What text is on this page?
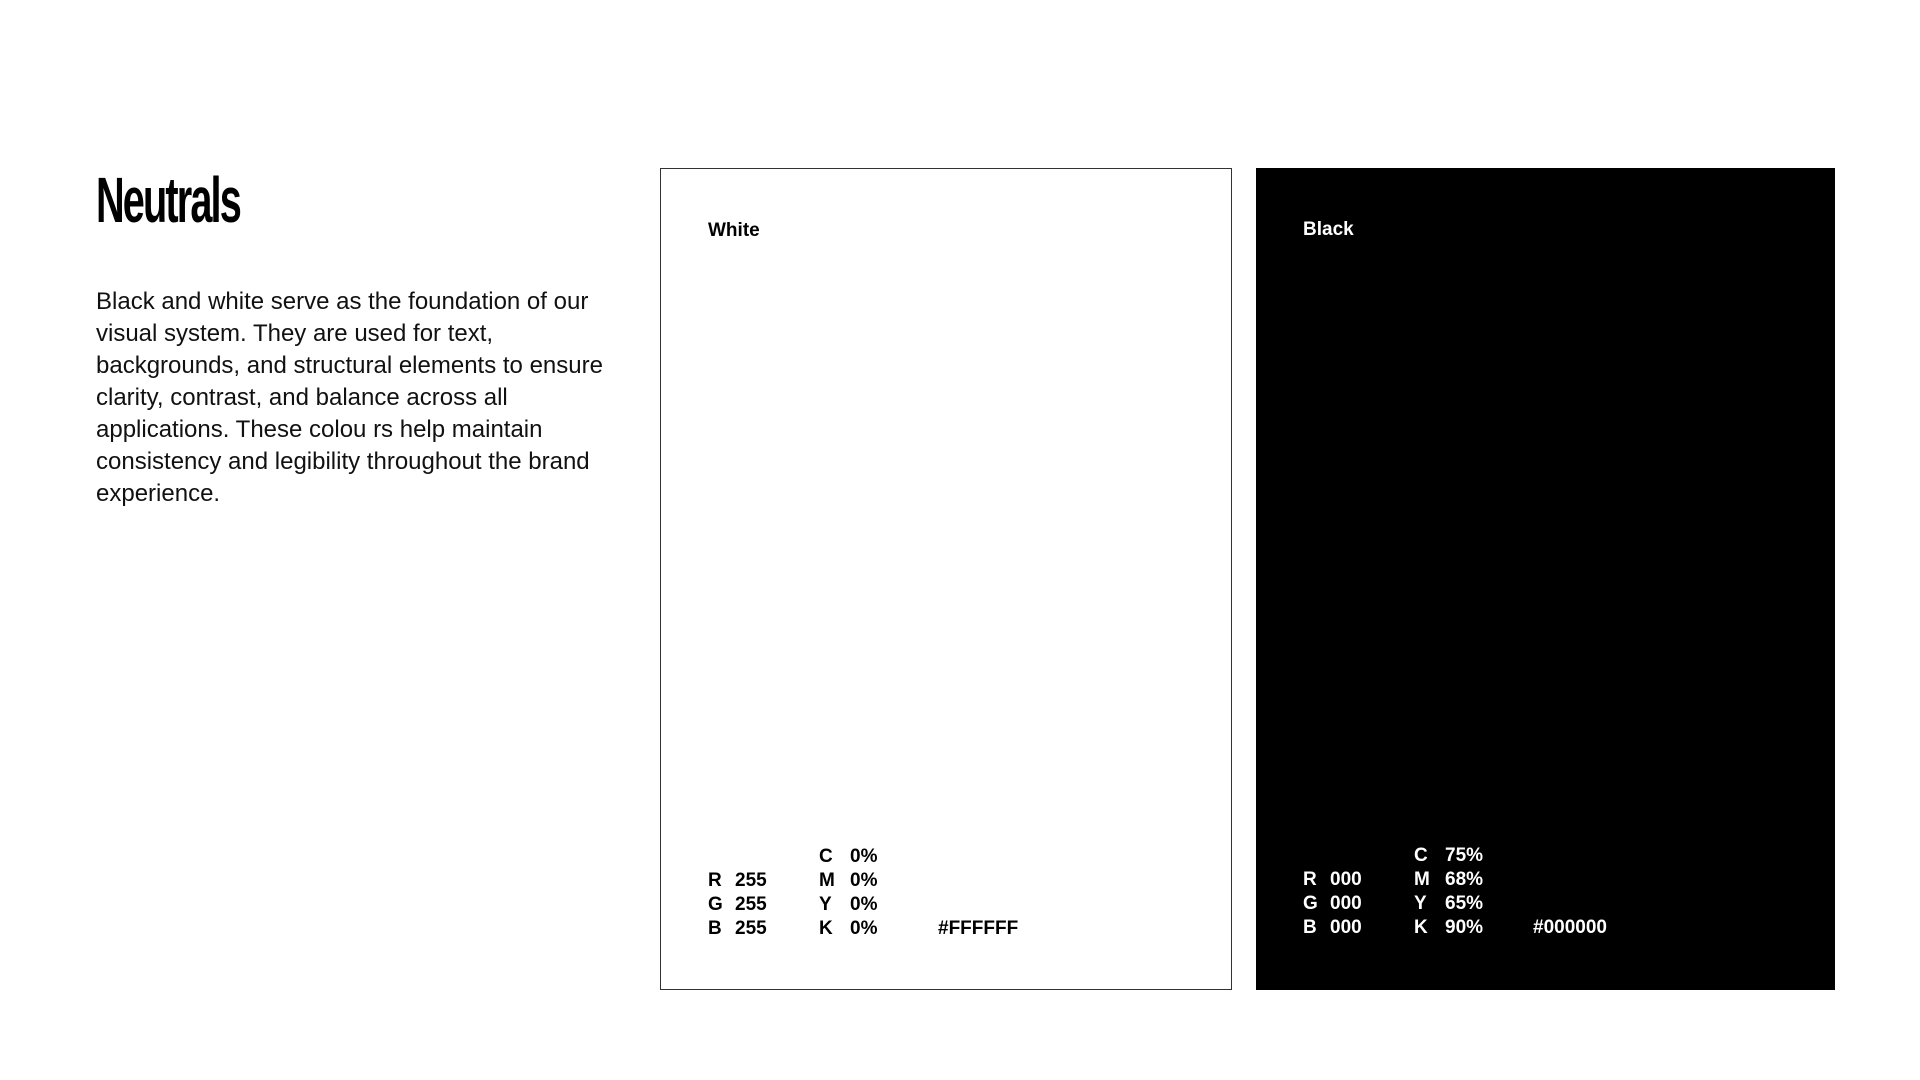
Neutrals

Black and white serve as the foundation of our visual system. They are used for text, backgrounds, and structural elements to ensure clarity, contrast, and balance across all applications. These colou rs help maintain consistency and legibility throughout the brand experience.

White
C 0%
R 255	M 0%
G 255	Y 0%
B 255	K 0%	#FFFFFF
Black
C 75%
R 000	M 68%
G 000	Y 65%
B 000	K 90%	#000000
